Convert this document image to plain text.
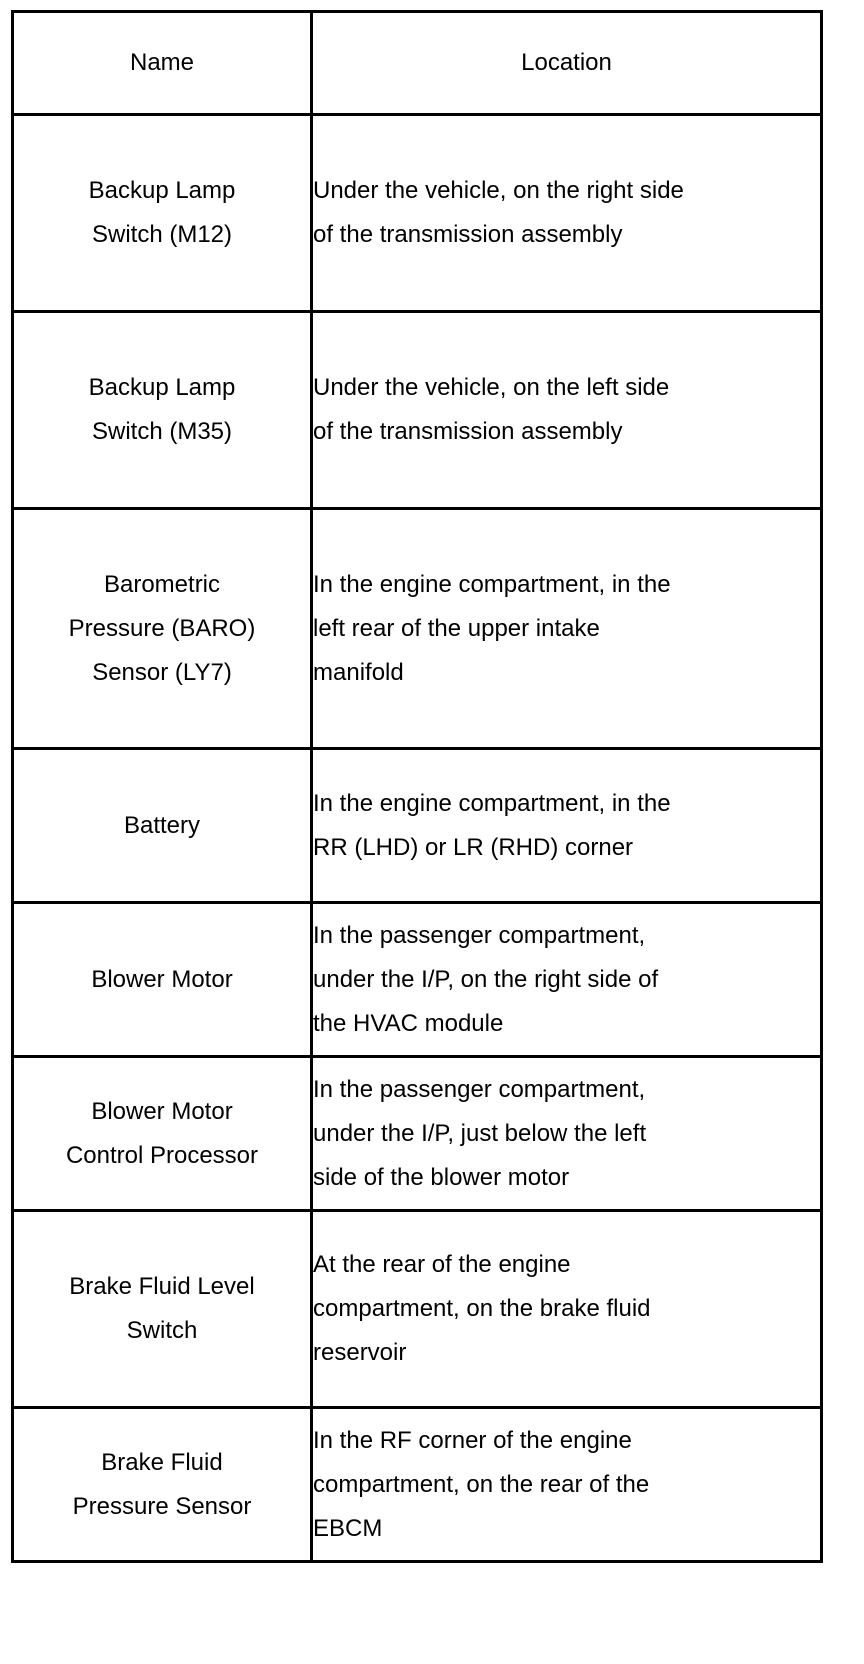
Name	Location

Backup Lamp
Switch (M12)	Under the vehicle, on the right side
of the transmission assembly

Backup Lamp
Switch (M35)	Under the vehicle, on the left side
of the transmission assembly

Barometric
Pressure (BARO)
Sensor (LY7)	In the engine compartment, in the
left rear of the upper intake
manifold

Battery	In the engine compartment, in the
RR (LHD) or LR (RHD) corner

Blower Motor	In the passenger compartment,
under the I/P, on the right side of
the HVAC module

Blower Motor
Control Processor	In the passenger compartment,
under the I/P, just below the left
side of the blower motor

Brake Fluid Level
Switch	At the rear of the engine
compartment, on the brake fluid
reservoir

Brake Fluid
Pressure Sensor	In the RF corner of the engine
compartment, on the rear of the
EBCM
